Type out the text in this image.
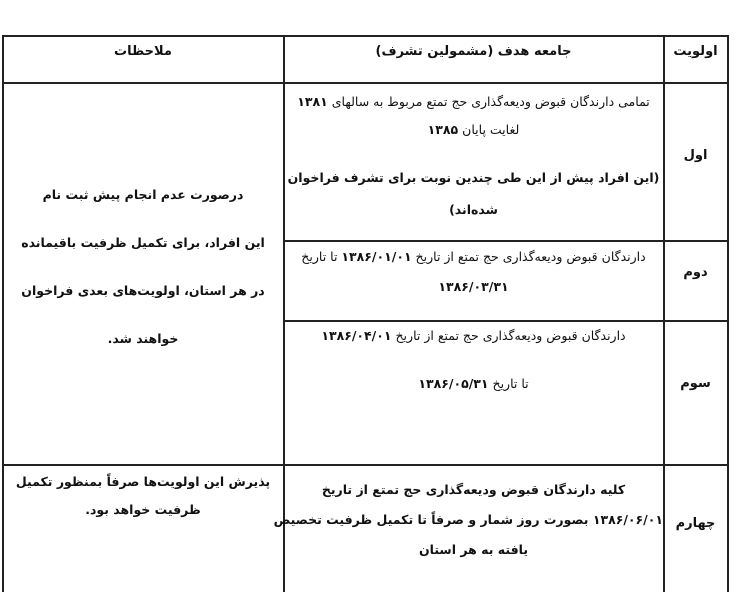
اولویت
جامعه هدف (مشمولین تشرف)
ملاحظات
اول
دوم
سوم
چهارم
تمامی دارندگان قبوض ودیعه‌گذاری حج تمتع مربوط به سالهای ۱۳۸۱
لغایت پایان ۱۳۸۵
(این افراد پیش از این طی چندین نوبت برای تشرف فراخوان
شده‌اند)
دارندگان قبوض ودیعه‌گذاری حج تمتع از تاریخ ۱۳۸۶/۰۱/۰۱ تا تاریخ
۱۳۸۶/۰۳/۳۱
دارندگان قبوض ودیعه‌گذاری حج تمتع از تاریخ ۱۳۸۶/۰۴/۰۱
تا تاریخ ۱۳۸۶/۰۵/۳۱
کلیه دارندگان قبوض ودیعه‌گذاری حج تمتع از تاریخ
۱۳۸۶/۰۶/۰۱ بصورت روز شمار و صرفاً تا تکمیل ظرفیت تخصیص
یافته به هر استان
درصورت عدم انجام پیش ثبت نام
این افراد، برای تکمیل ظرفیت باقیمانده
در هر استان، اولویت‌های بعدی فراخوان
خواهند شد.
پذیرش این اولویت‌ها صرفاً بمنظور تکمیل
ظرفیت خواهد بود.
